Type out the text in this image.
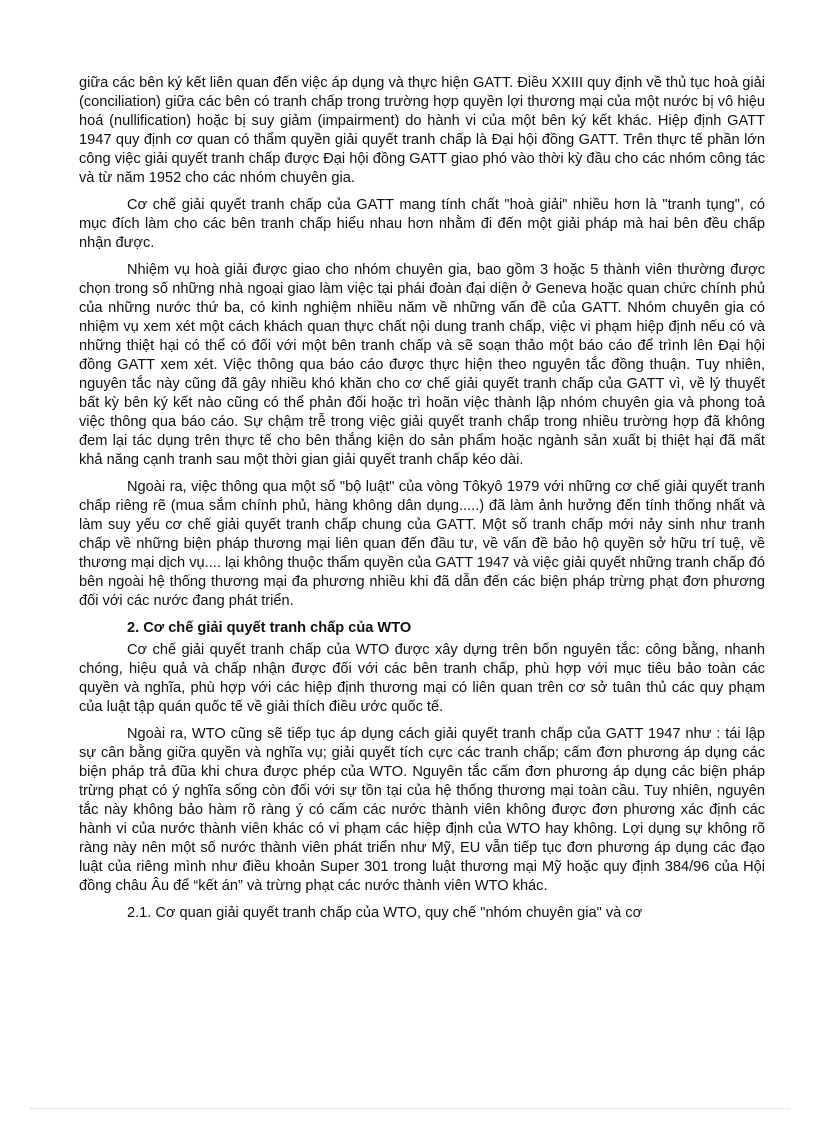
giữa các bên ký kết liên quan đến việc áp dụng và thực hiện GATT. Điều XXIII quy định về thủ tục hoà giải (conciliation) giữa các bên có tranh chấp trong trường hợp quyền lợi thương mại của một nước bị vô hiệu hoá (nullification) hoặc bị suy giảm (impairment) do hành vi của một bên ký kết khác. Hiệp định GATT 1947 quy định cơ quan có thẩm quyền giải quyết tranh chấp là Đại hội đồng GATT. Trên thực tế phần lớn công việc giải quyết tranh chấp được Đại hội đồng GATT giao phó vào thời kỳ đầu cho các nhóm công tác và từ năm 1952 cho các nhóm chuyên gia.

Cơ chế giải quyết tranh chấp của GATT mang tính chất "hoà giải" nhiều hơn là "tranh tụng", có mục đích làm cho các bên tranh chấp hiểu nhau hơn nhằm đi đến một giải pháp mà hai bên đều chấp nhận được.

Nhiệm vụ hoà giải được giao cho nhóm chuyên gia, bao gồm 3 hoặc 5 thành viên thường được chọn trong số những nhà ngoại giao làm việc tại phái đoàn đại diện ở Geneva hoặc quan chức chính phủ của những nước thứ ba, có kinh nghiệm nhiều năm về những vấn đề của GATT. Nhóm chuyên gia có nhiệm vụ xem xét một cách khách quan thực chất nội dung tranh chấp, việc vi phạm hiệp định nếu có và những thiệt hại có thể có đối với một bên tranh chấp và sẽ soạn thảo một báo cáo để trình lên Đại hội đồng GATT xem xét. Việc thông qua báo cáo được thực hiện theo nguyên tắc đồng thuận. Tuy nhiên, nguyên tắc này cũng đã gây nhiều khó khăn cho cơ chế giải quyết tranh chấp của GATT vì, về lý thuyết bất kỳ bên ký kết nào cũng có thể phản đối hoặc trì hoãn việc thành lập nhóm chuyên gia và phong toả việc thông qua báo cáo. Sự chậm trễ trong việc giải quyết tranh chấp trong nhiều trường hợp đã không đem lại tác dụng trên thực tế cho bên thắng kiện do sản phẩm hoặc ngành sản xuất bị thiệt hại đã mất khả năng cạnh tranh sau một thời gian giải quyết tranh chấp kéo dài.

Ngoài ra, việc thông qua một số "bộ luật" của vòng Tôkyô 1979 với những cơ chế giải quyết tranh chấp riêng rẽ (mua sắm chính phủ, hàng không dân dụng.....) đã làm ảnh hưởng đến tính thống nhất và làm suy yếu cơ chế giải quyết tranh chấp chung của GATT. Một số tranh chấp mới nảy sinh như tranh chấp về những biện pháp thương mại liên quan đến đầu tư, về vấn đề bảo hộ quyền sở hữu trí tuệ, về thương mại dịch vụ.... lại không thuộc thẩm quyền của GATT 1947 và việc giải quyết những tranh chấp đó bên ngoài hệ thống thương mại đa phương nhiều khi đã dẫn đến các biện pháp trừng phạt đơn phương đối với các nước đang phát triển.

2. Cơ chế giải quyết tranh chấp của WTO

Cơ chế giải quyết tranh chấp của WTO được xây dựng trên bốn nguyên tắc: công bằng, nhanh chóng, hiệu quả và chấp nhận được đối với các bên tranh chấp, phù hợp với mục tiêu bảo toàn các quyền và nghĩa, phù hợp với các hiệp định thương mại có liên quan trên cơ sở tuân thủ các quy phạm của luật tập quán quốc tế về giải thích điều ước quốc tế.

Ngoài ra, WTO cũng sẽ tiếp tục áp dụng cách giải quyết tranh chấp của GATT 1947 như : tái lập sự cân bằng giữa quyền và nghĩa vụ; giải quyết tích cực các tranh chấp; cấm đơn phương áp dụng các biện pháp trả đũa khi chưa được phép của WTO. Nguyên tắc cấm đơn phương áp dụng các biện pháp trừng phạt có ý nghĩa sống còn đối với sự tồn tại của hệ thống thương mại toàn cầu. Tuy nhiên, nguyên tắc này không bảo hàm rõ ràng ý có cấm các nước thành viên không được đơn phương xác định các hành vi của nước thành viên khác có vi phạm các hiệp định của WTO hay không. Lợi dụng sự không rõ ràng này nên một số nước thành viên phát triển như Mỹ, EU vẫn tiếp tục đơn phương áp dụng các đạo luật của riêng mình như điều khoản Super 301 trong luật thương mại Mỹ hoặc quy định 384/96 của Hội đồng châu Âu để “kết án” và trừng phạt các nước thành viên WTO khác.

2.1. Cơ quan giải quyết tranh chấp của WTO, quy chế "nhóm chuyên gia" và cơ
